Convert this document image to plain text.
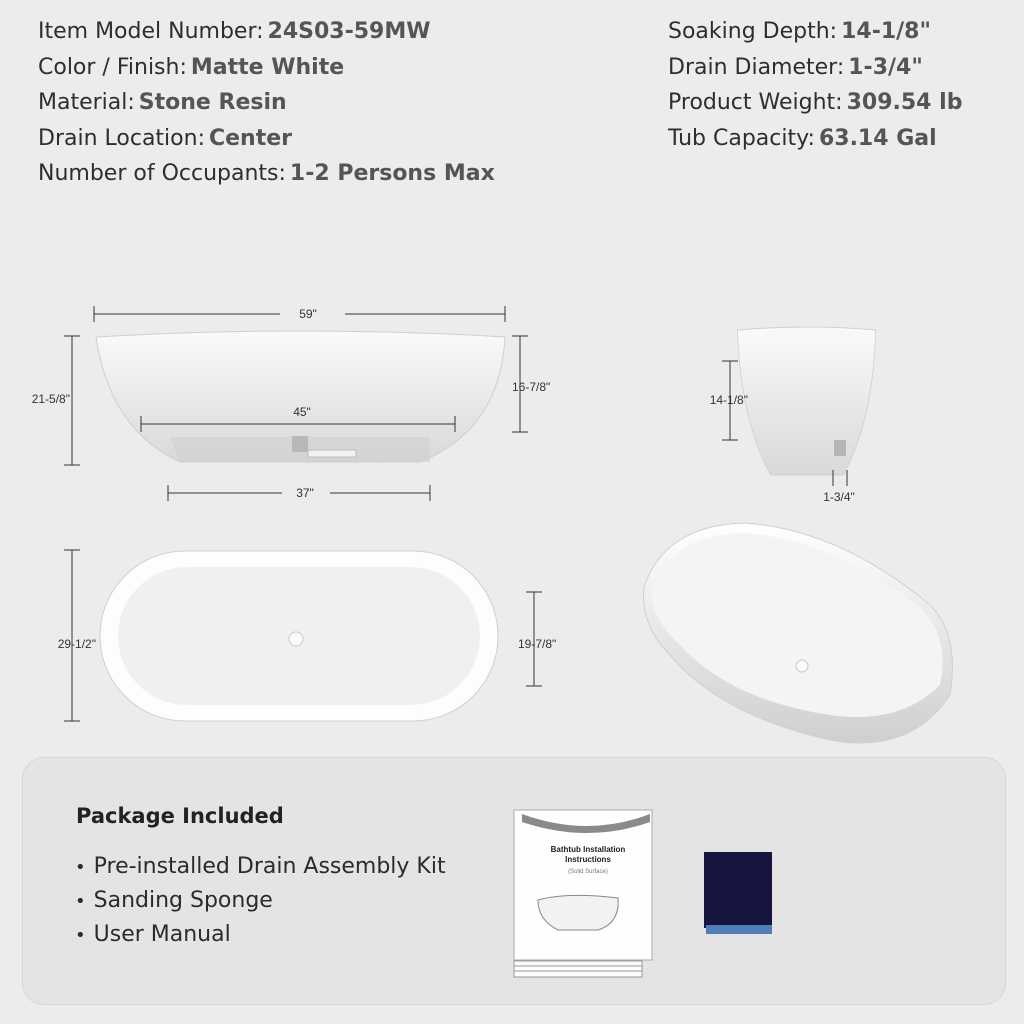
Item Model Number: 24S03-59MW
Color / Finish: Matte White
Material: Stone Resin
Drain Location: Center
Number of Occupants: 1-2 Persons Max
Soaking Depth: 14-1/8"
Drain Diameter: 1-3/4"
Product Weight: 309.54 lb
Tub Capacity: 63.14 Gal
59"
21-5/8"
16-7/8"
45"
37"
14-1/8"
1-3/4"
29-1/2"	19-7/8"
Package Included
• Pre-installed Drain Assembly Kit
• Sanding Sponge
• User Manual
Bathtub Installation
Instructions
(Solid Surface)
